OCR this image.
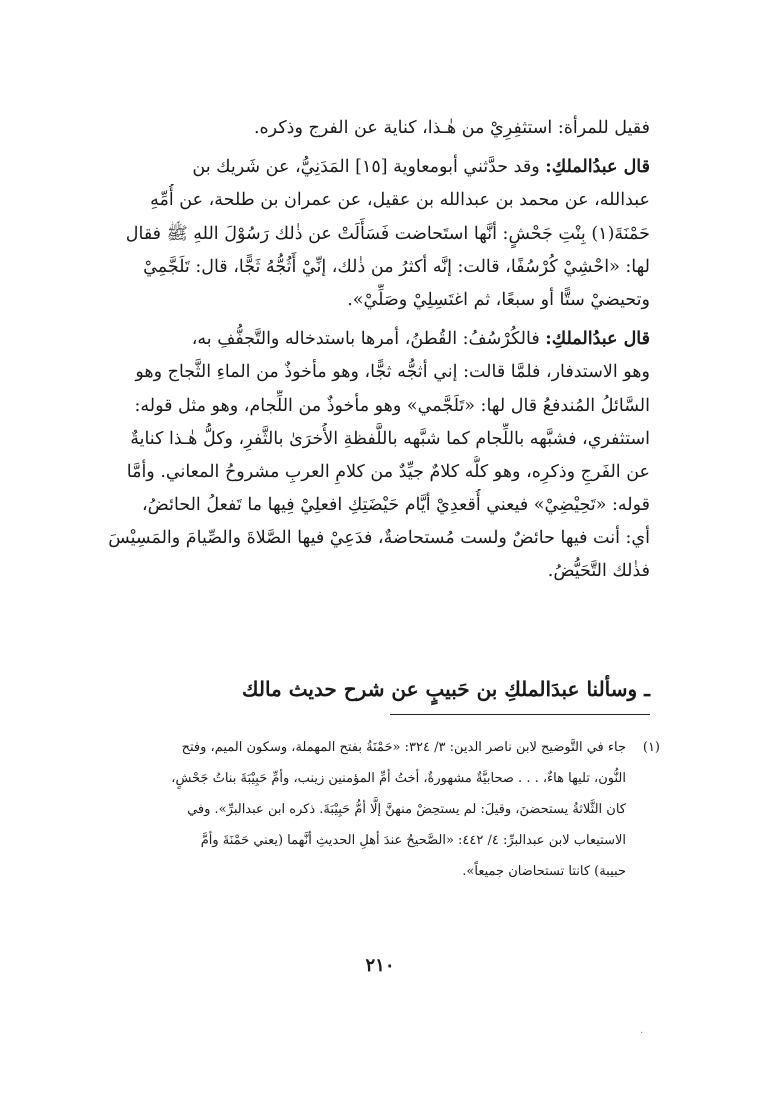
فقيل للمرأة: استثفِرِيْ من هٰـذا، كناية عن الفرج وذكره.
قال عبدُالملكِ: وقد حدَّثني أبومعاوية [١٥] المَدَنِيُّ، عن شَريك بن
عبدالله، عن محمد بن عبدالله بن عقيل، عن عمران بن طلحة، عن أُمِّهِ
حَمْنَةَ(١) بِنْتِ جَحْشٍ: أنَّها استَحاضت فَسَأَلَتْ عن ذٰلك رَسُوْلَ اللهِ ﷺ فقال
لها: «احْشِيْ كُرْسُفًا، قالت: إنَّه أكثرُ من ذٰلك، إنِّيْ أَثُجُّهُ ثَجًّا، قال: تَلَجَّمِيْ
وتحيضيْ ستًّا أو سبعًا، ثم اغتَسِلِيْ وصَلِّيْ».
قال عبدُالملكِ: فالكُرْسُفُ: القُطنُ، أمرها باستدخاله والتَّجفُّفِ به،
وهو الاستدفار، فلمَّا قالت: إني أثجُّه ثجًّا، وهو مأخوذٌ من الماءِ الثَّجاج وهو
السَّائلُ المُندفعُ قال لها: «تَلَجَّمي» وهو مأخوذٌ من اللِّجام، وهو مثل قوله:
استثفري، فشبَّهه باللِّجام كما شبَّهه باللَّفظةِ الأُخرَىٰ بالثَّفرِ، وكلُّ هٰـذا كنايةٌ
عن الفَرجِ وذكرِه، وهو كلُّه كلامٌ جيِّدٌ من كلامِ العربِ مشروحُ المعاني. وأمَّا
قوله: «تَحِيْضِيْ» فيعني أُقعدِيْ أيَّام حَيْضَتِكِ افعلِيْ فِيها ما تَفعلُ الحائضُ،
أي: أنت فيها حائضٌ ولست مُستحاضةٌ، فدَعِيْ فيها الصَّلاةَ والصِّيامَ والمَسِيْسَ
فذٰلك التَّحَيُّضُ.
ـ وسألنا عبدَالملكِ بن حَبيبٍ عن شرح حديث مالك
(١)
جاء في التَّوضيح لابن ناصر الدين: ٣/ ٣٢٤: «حَمْنَةُ بفتح المهملة، وسكون الميم، وفتح
النُّون، تليها هاءٌ، . . . صحابيَّةٌ مشهورةٌ، أختُ أمِّ المؤمنين زينب، وأمِّ حَبِيْبَةَ بناتُ جَحْشٍ،
كان الثَّلاثةُ يستحضنَ، وقيلَ: لم يستحِضْ منهنَّ إلَّا أمُّ حَبِيْبَةَ. ذكره ابن عبدالبرِّ». وفي
الاستيعاب لابن عبدالبرِّ: ٤/ ٤٤٢: «الصَّحيحُ عندَ أهلِ الحديثِ أنَّهما (يعني حَمْنَةَ وأمَّ
حبيبة) كانتا تستحاضان جميعاً».
٢١٠
·
